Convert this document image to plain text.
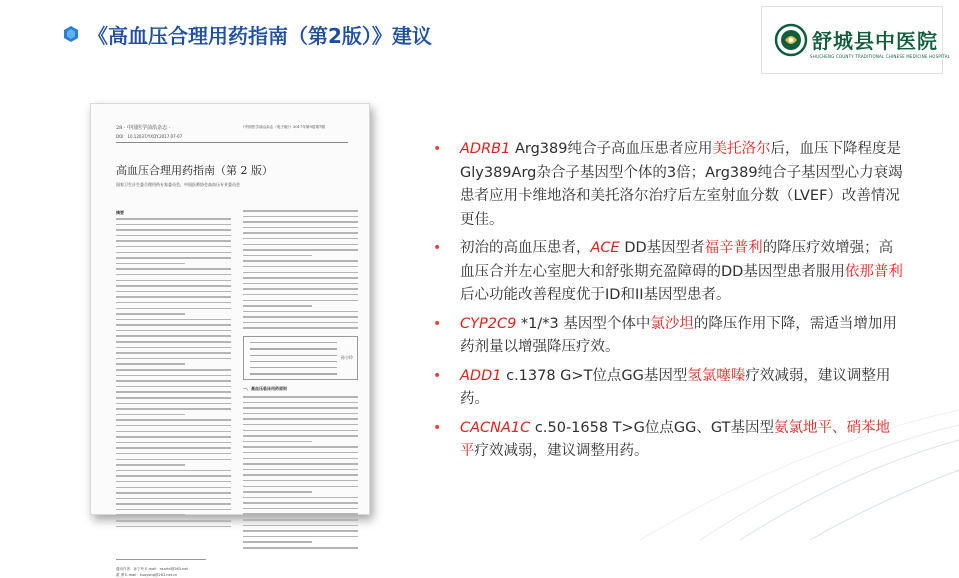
《高血压合理用药指南（第2版）》建议	舒城县中医院
SHUCHENG COUNTY TRADITIONAL CHINESE MEDICINE HOSPITAL
28 · 中国医学前沿杂志 ·	《中国医学前沿杂志（电子版）》2017年第9卷第7期
DOI：10.12037/YXQY.2017.07-07
高血压合理用药指南（第 2 版）
国家卫生计生委合理用药专家委员会，中国医师协会高血压专业委员会
摘要
孙宁玲
一、高血压临床用药原则
通讯作者：孙宁玲 E-mail：nsnrht@263.net
霍 勇 E-mail：huoyong@263.net.cn
• ADRB1 Arg389纯合子高血压患者应用美托洛尔后，血压下降程度是 Gly389Arg杂合子基因型个体的3倍；Arg389纯合子基因型心力衰竭患者应用卡维地洛和美托洛尔治疗后左室射血分数（LVEF）改善情况更佳。
• 初治的高血压患者，ACE DD基因型者福辛普利的降压疗效增强；高血压合并左心室肥大和舒张期充盈障碍的DD基因型患者服用依那普利后心功能改善程度优于ID和II基因型患者。
• CYP2C9 *1/*3 基因型个体中氯沙坦的降压作用下降，需适当增加用药剂量以增强降压疗效。
• ADD1 c.1378 G>T位点GG基因型氢氯噻嗪疗效减弱，建议调整用药。
• CACNA1C c.50-1658 T>G位点GG、GT基因型氨氯地平、硝苯地平疗效减弱，建议调整用药。
